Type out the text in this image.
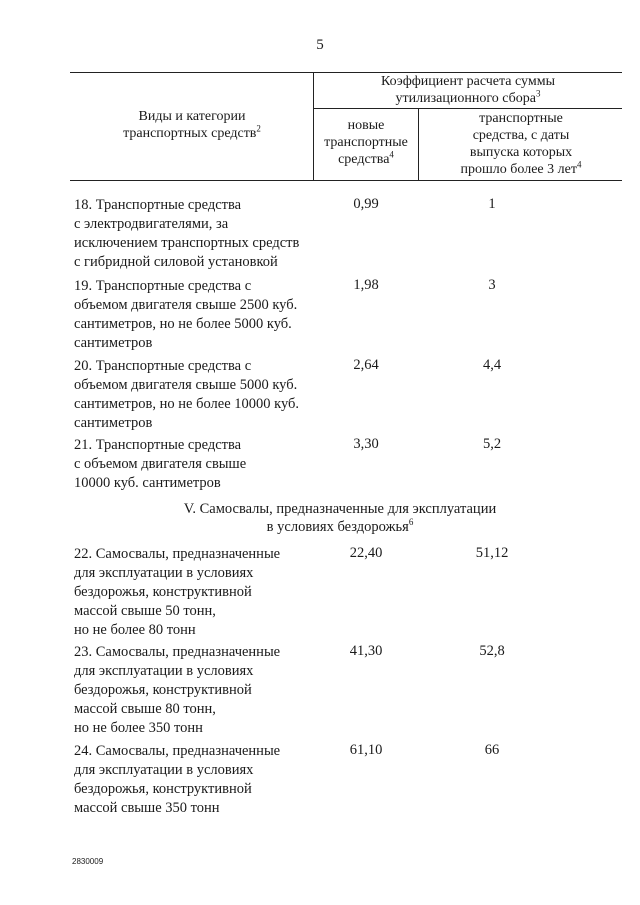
5
Виды и категории
транспортных средств$^2$
Коэффициент расчета суммы
утилизационного сбора$^3$
новые
транспортные
средства$^4$
транспортные
средства, с даты
выпуска которых
прошло более 3 лет$^4$
18. Транспортные средства
с электродвигателями, за
исключением транспортных средств
с гибридной силовой установкой
0,99	1
19. Транспортные средства с
объемом двигателя свыше 2500 куб.
сантиметров, но не более 5000 куб.
сантиметров
1,98	3
20. Транспортные средства с
объемом двигателя свыше 5000 куб.
сантиметров, но не более 10000 куб.
сантиметров
2,64	4,4
21. Транспортные средства
с объемом двигателя свыше
10000 куб. сантиметров
3,30	5,2
V. Самосвалы, предназначенные для эксплуатации
в условиях бездорожья$^6$
22. Самосвалы, предназначенные
для эксплуатации в условиях
бездорожья, конструктивной
массой свыше 50 тонн,
но не более 80 тонн
22,40	51,12
23. Самосвалы, предназначенные
для эксплуатации в условиях
бездорожья, конструктивной
массой свыше 80 тонн,
но не более 350 тонн
41,30	52,8
24. Самосвалы, предназначенные
для эксплуатации в условиях
бездорожья, конструктивной
массой свыше 350 тонн
61,10	66
2830009
